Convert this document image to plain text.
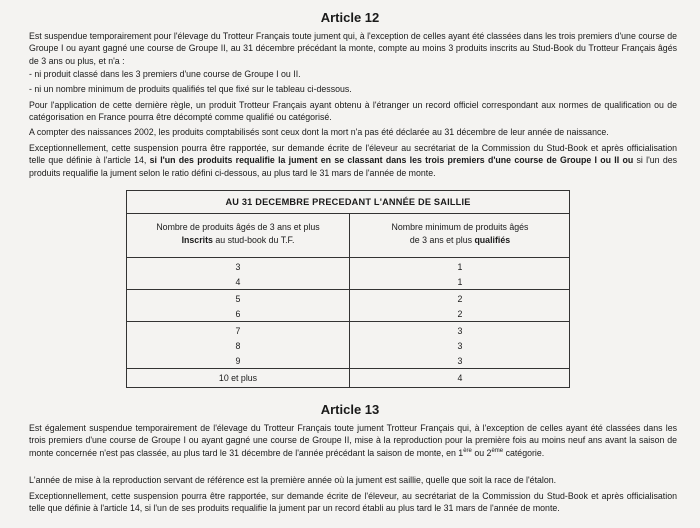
Article 12

Est suspendue temporairement pour l'élevage du Trotteur Français toute jument qui, à l'exception de celles ayant été classées dans les trois premiers d'une course de Groupe I ou ayant gagné une course de Groupe II, au 31 décembre précédant la monte, compte au moins 3 produits inscrits au Stud-Book du Trotteur Français âgés de 3 ans ou plus, et n'a :

- ni produit classé dans les 3 premiers d'une course de Groupe I ou II.

- ni un nombre minimum de produits qualifiés tel que fixé sur le tableau ci-dessous.

Pour l'application de cette dernière règle, un produit Trotteur Français ayant obtenu à l'étranger un record officiel correspondant aux normes de qualification ou de catégorisation en France pourra être décompté comme qualifié ou catégorisé.

A compter des naissances 2002, les produits comptabilisés sont ceux dont la mort n'a pas été déclarée au 31 décembre de leur année de naissance.

Exceptionnellement, cette suspension pourra être rapportée, sur demande écrite de l'éleveur au secrétariat de la Commission du Stud-Book et après officialisation telle que définie à l'article 14, si l'un des produits requalifie la jument en se classant dans les trois premiers d'une course de Groupe I ou II ou si l'un des produits requalifie la jument selon le ratio défini ci-dessous, au plus tard le 31 mars de l'année de monte.

AU 31 DECEMBRE PRECEDANT L'ANNÉE DE SAILLIE
Nombre de produits âgés de 3 ans et plus
Inscrits au stud-book du T.F.
Nombre minimum de produits âgés
de 3 ans et plus qualifiés
3	1
4	1
5	2
6	2
7	3
8	3
9	3
10 et plus	4
Article 13

Est également suspendue temporairement de l'élevage du Trotteur Français toute jument Trotteur Français qui, à l'exception de celles ayant été classées dans les trois premiers d'une course de Groupe I ou ayant gagné une course de Groupe II, mise à la reproduction pour la première fois au moins neuf ans avant la saison de monte concernée n'est pas classée, au plus tard le 31 décembre de l'année précédant la saison de monte, en 1ère ou 2ème catégorie.

L'année de mise à la reproduction servant de référence est la première année où la jument est saillie, quelle que soit la race de l'étalon.

Exceptionnellement, cette suspension pourra être rapportée, sur demande écrite de l'éleveur, au secrétariat de la Commission du Stud-Book et après officialisation telle que définie à l'article 14, si l'un de ses produits requalifie la jument par un record établi au plus tard le 31 mars de l'année de monte.
